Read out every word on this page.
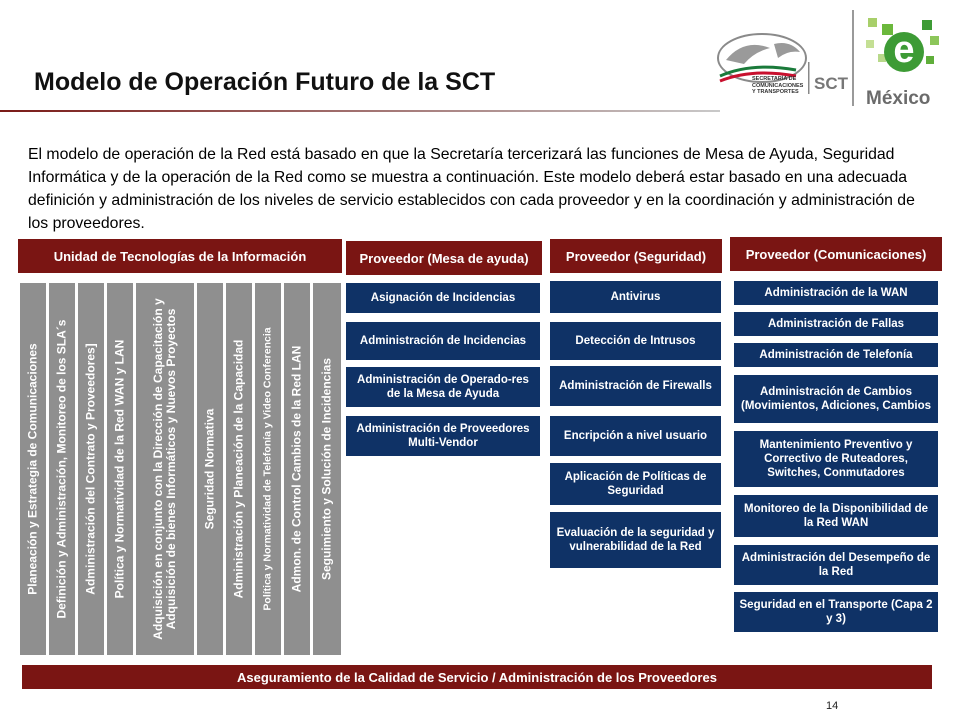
Modelo de Operación Futuro de la SCT	SECRETARÍA DE
COMUNICACIONES
Y TRANSPORTES SCT
e
México
El modelo de operación de la Red está basado en que la Secretaría tercerizará las funciones de Mesa de Ayuda, Seguridad Informática y de la operación de la Red como se muestra a continuación. Este modelo deberá estar basado en una adecuada definición y administración de los niveles de servicio establecidos con cada proveedor y en la coordinación y administración de los proveedores.
Unidad de Tecnologías de la Información	Proveedor (Mesa de ayuda)	Proveedor (Seguridad)	Proveedor (Comunicaciones)
Planeación y Estrategia de Comunicaciones Definición y Administración, Monitoreo de los SLA´s Administración del Contrato y Proveedores] Política y Normatividad de la Red WAN y LAN Adquisición en conjunto con la Dirección de Capacitación y Adquisición de bienes Informáticos y Nuevos Proyectos Seguridad Normativa Administración y Planeación de la Capacidad Política y Normatividad de Telefonía y Video Conferencia Admon. de Control Cambios de la Red LAN Seguimiento y Solución de Incidencias
Asignación de Incidencias
Administración de Incidencias
Administración de Operado-res de la Mesa de Ayuda
Administración de Proveedores Multi-Vendor
Antivirus
Detección de Intrusos
Administración de Firewalls
Encripción a nivel usuario
Aplicación de Políticas de Seguridad
Evaluación de la seguridad y vulnerabilidad de la Red
Administración de la WAN
Administración de Fallas
Administración de Telefonía
Administración de Cambios (Movimientos, Adiciones, Cambios
Mantenimiento Preventivo y Correctivo de Ruteadores, Switches, Conmutadores
Monitoreo de la Disponibilidad de la Red WAN
Administración del Desempeño de la Red
Seguridad en el Transporte (Capa 2 y 3)
Aseguramiento de la Calidad de Servicio / Administración de los Proveedores
14
